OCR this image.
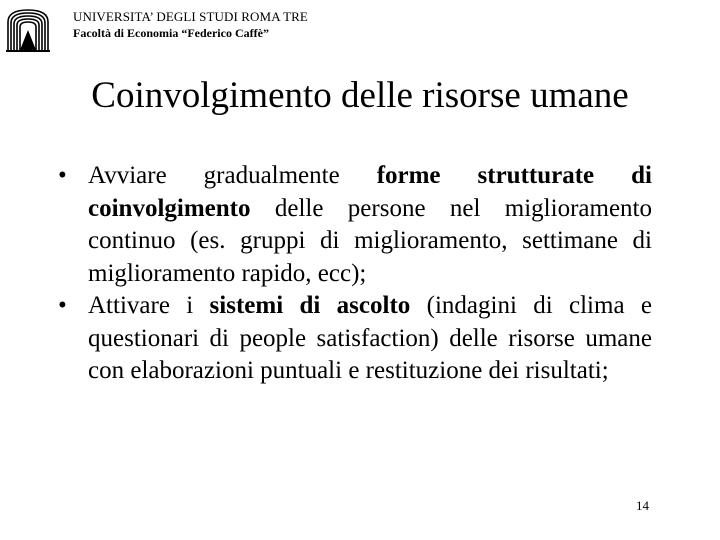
UNIVERSITA’ DEGLI STUDI ROMA TRE
Facoltà di Economia “Federico Caffè”
Coinvolgimento delle risorse umane
• Avviare gradualmente forme strutturate di coinvolgimento delle persone nel miglioramento continuo (es. gruppi di miglioramento, settimane di miglioramento rapido, ecc);
• Attivare i sistemi di ascolto (indagini di clima e questionari di people satisfaction) delle risorse umane con elaborazioni puntuali e restituzione dei risultati;
14
